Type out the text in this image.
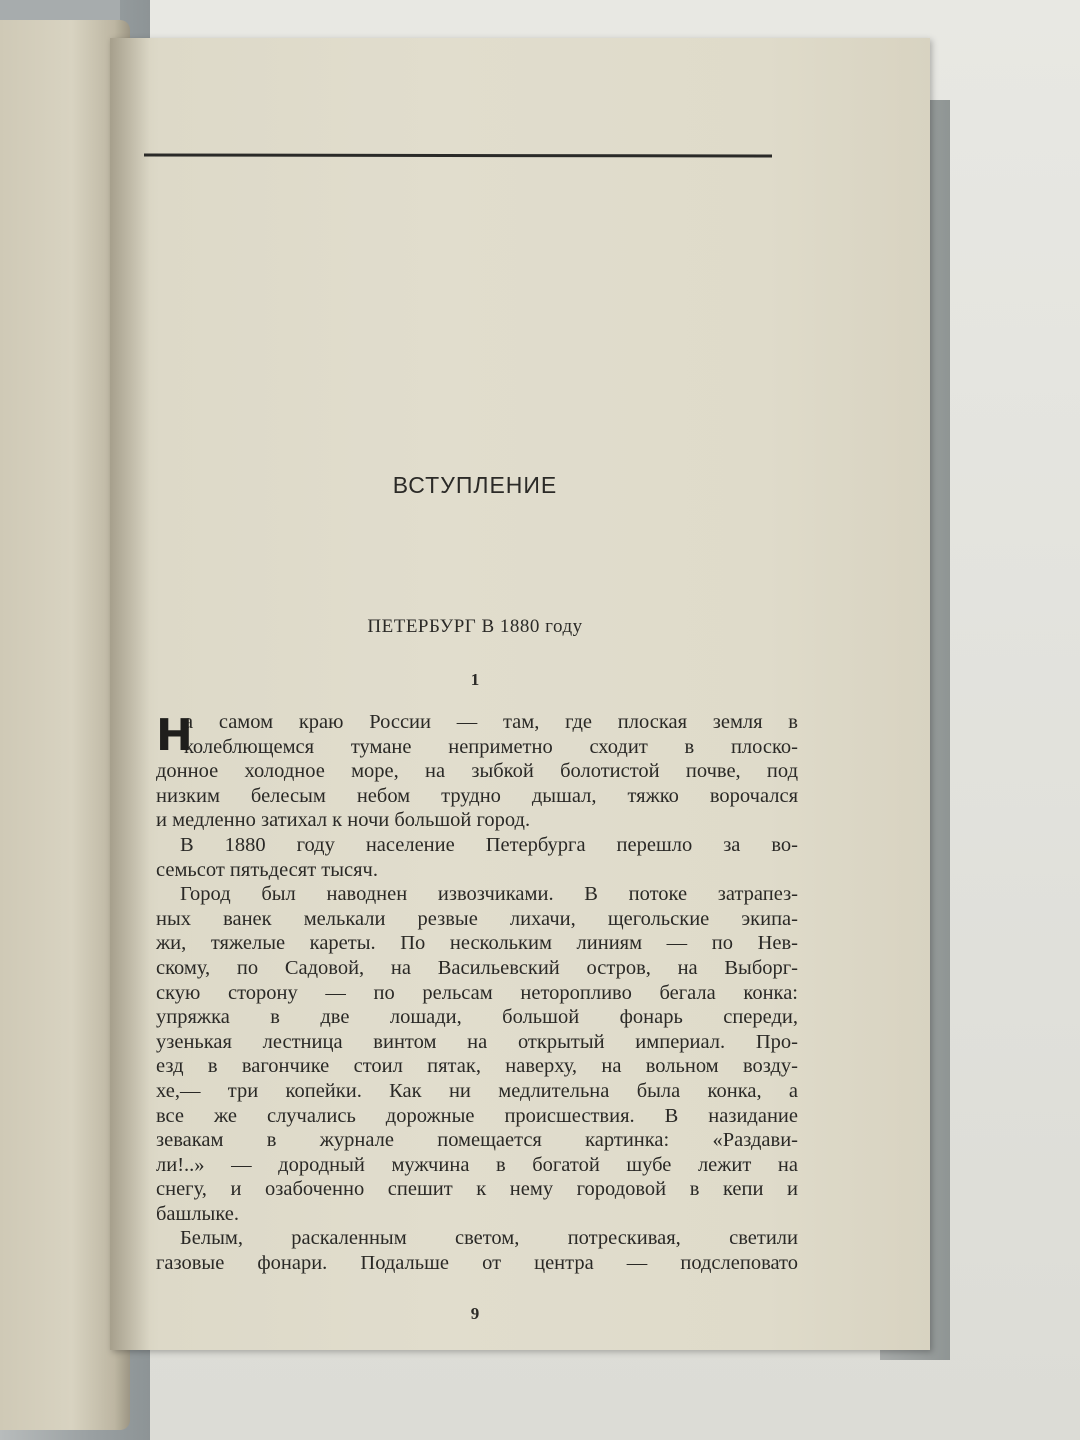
ВСТУПЛЕНИЕ
ПЕТЕРБУРГ В 1880 году
1
Н
а самом краю России — там, где плоская земля в
колеблющемся тумане неприметно сходит в плоско-
донное холодное море, на зыбкой болотистой почве, под
низким белесым небом трудно дышал, тяжко ворочался
и медленно затихал к ночи большой город.
В 1880 году население Петербурга перешло за во-
семьсот пятьдесят тысяч.
Город был наводнен извозчиками. В потоке затрапез-
ных ванек мелькали резвые лихачи, щегольские экипа-
жи, тяжелые кареты. По нескольким линиям — по Нев-
скому, по Садовой, на Васильевский остров, на Выборг-
скую сторону — по рельсам неторопливо бегала конка:
упряжка в две лошади, большой фонарь спереди,
узенькая лестница винтом на открытый империал. Про-
езд в вагончике стоил пятак, наверху, на вольном возду-
хе,— три копейки. Как ни медлительна была конка, а
все же случались дорожные происшествия. В назидание
зевакам в журнале помещается картинка: «Раздави-
ли!..» — дородный мужчина в богатой шубе лежит на
снегу, и озабоченно спешит к нему городовой в кепи и
башлыке.
Белым, раскаленным светом, потрескивая, светили
газовые фонари. Подальше от центра — подслеповато
9
